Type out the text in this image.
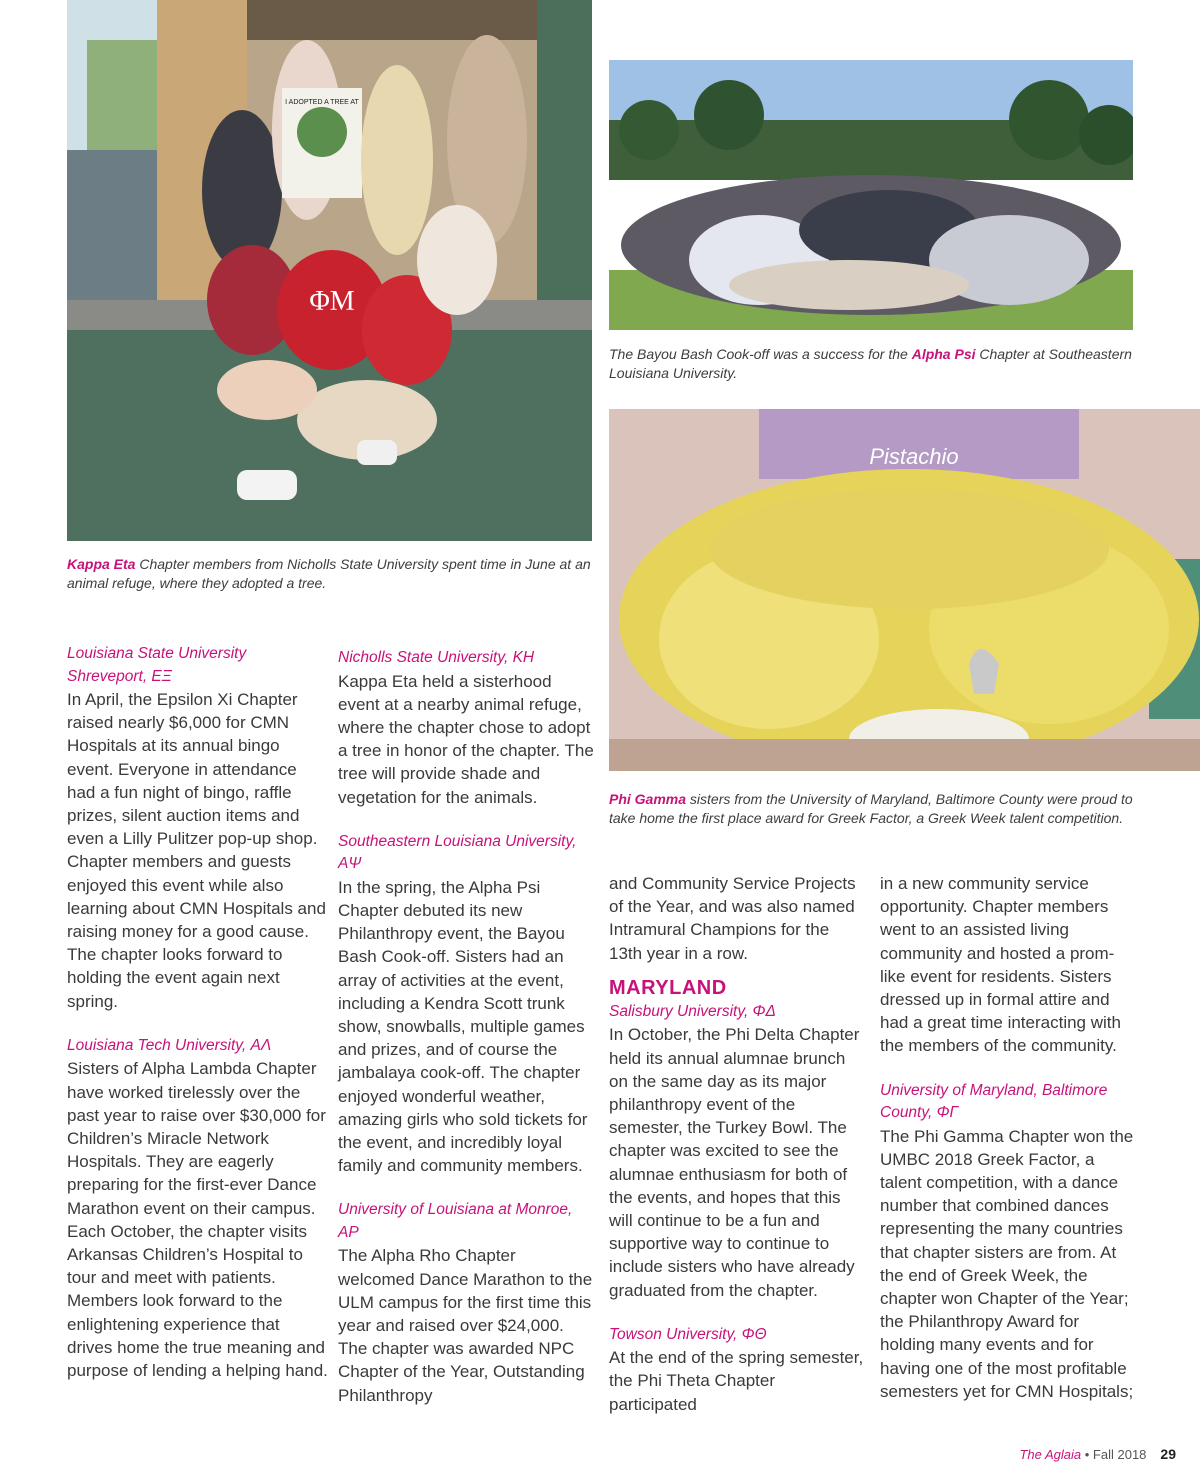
I ADOPTED A TREE AT
ΦΜ
Pistachio
Kappa Eta Chapter members from Nicholls State University spent time in June at an animal refuge, where they adopted a tree.
The Bayou Bash Cook-off was a success for the Alpha Psi Chapter at Southeastern Louisiana University.
Phi Gamma sisters from the University of Maryland, Baltimore County were proud to take home the first place award for Greek Factor, a Greek Week talent competition.
Louisiana State University Shreveport, ΕΞ

In April, the Epsilon Xi Chapter raised nearly $6,000 for CMN Hospitals at its annual bingo event. Everyone in attendance had a fun night of bingo, raffle prizes, silent auction items and even a Lilly Pulitzer pop-up shop. Chapter members and guests enjoyed this event while also learning about CMN Hospitals and raising money for a good cause. The chapter looks forward to holding the event again next spring.

Louisiana Tech University, ΑΛ

Sisters of Alpha Lambda Chapter have worked tirelessly over the past year to raise over $30,000 for Children’s Miracle Network Hospitals. They are eagerly preparing for the first-ever Dance Marathon event on their campus. Each October, the chapter visits Arkansas Children’s Hospital to tour and meet with patients. Members look forward to the enlightening experience that drives home the true meaning and purpose of lending a helping hand.

Nicholls State University, ΚΗ

Kappa Eta held a sisterhood event at a nearby animal refuge, where the chapter chose to adopt a tree in honor of the chapter. The tree will provide shade and vegetation for the animals.

Southeastern Louisiana University, ΑΨ

In the spring, the Alpha Psi Chapter debuted its new Philanthropy event, the Bayou Bash Cook-off. Sisters had an array of activities at the event, including a Kendra Scott trunk show, snowballs, multiple games and prizes, and of course the jambalaya cook-off. The chapter enjoyed wonderful weather, amazing girls who sold tickets for the event, and incredibly loyal family and community members.

University of Louisiana at Monroe, ΑΡ

The Alpha Rho Chapter welcomed Dance Marathon to the ULM campus for the first time this year and raised over $24,000. The chapter was awarded NPC Chapter of the Year, Outstanding Philanthropy

and Community Service Projects of the Year, and was also named Intramural Champions for the 13th year in a row.

MARYLAND
Salisbury University, ΦΔ

In October, the Phi Delta Chapter held its annual alumnae brunch on the same day as its major philanthropy event of the semester, the Turkey Bowl. The chapter was excited to see the alumnae enthusiasm for both of the events, and hopes that this will continue to be a fun and supportive way to continue to include sisters who have already graduated from the chapter.

Towson University, ΦΘ

At the end of the spring semester, the Phi Theta Chapter participated

in a new community service opportunity. Chapter members went to an assisted living community and hosted a prom-like event for residents. Sisters dressed up in formal attire and had a great time interacting with the members of the community.

University of Maryland, Baltimore County, ΦΓ

The Phi Gamma Chapter won the UMBC 2018 Greek Factor, a talent competition, with a dance number that combined dances representing the many countries that chapter sisters are from. At the end of Greek Week, the chapter won Chapter of the Year; the Philanthropy Award for holding many events and for having one of the most profitable semesters yet for CMN Hospitals;

The Aglaia • Fall 2018 29
